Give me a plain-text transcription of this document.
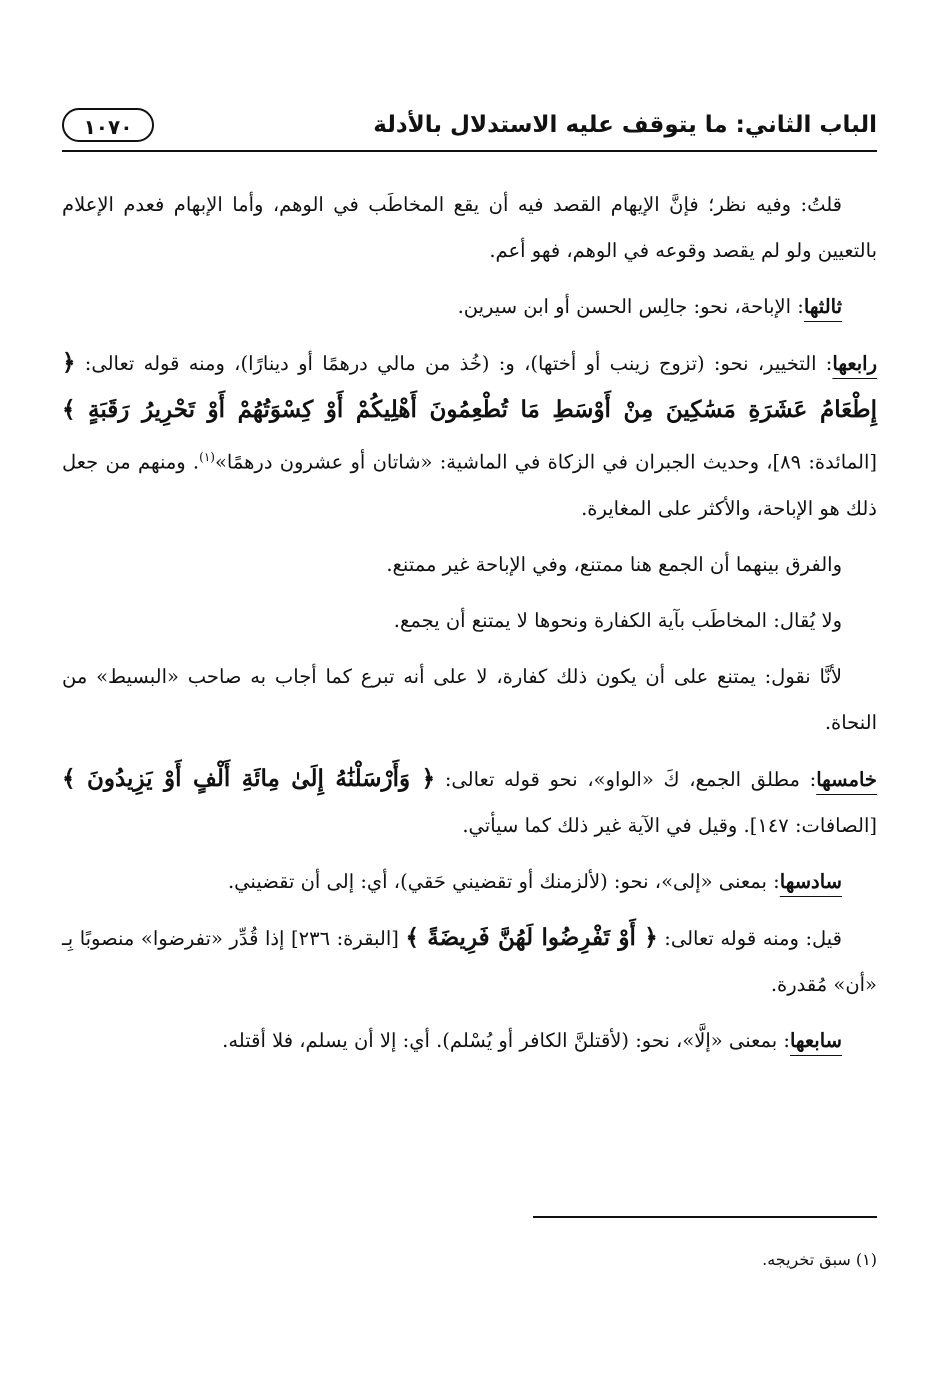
الباب الثاني: ما يتوقف عليه الاستدلال بالأدلة
١٠٧٠

قلتُ: وفيه نظر؛ فإنَّ الإيهام القصد فيه أن يقع المخاطَب في الوهم، وأما الإبهام فعدم الإعلام بالتعيين ولو لم يقصد وقوعه في الوهم، فهو أعم.

ثالثها: الإباحة، نحو: جالِس الحسن أو ابن سيرين.

رابعها: التخيير، نحو: (تزوج زينب أو أختها)، و: (خُذ من مالي درهمًا أو دينارًا)، ومنه قوله تعالى: ﴿ إِطْعَامُ عَشَرَةِ مَسَٰكِينَ مِنْ أَوْسَطِ مَا تُطْعِمُونَ أَهْلِيكُمْ أَوْ كِسْوَتُهُمْ أَوْ تَحْرِيرُ رَقَبَةٍ ﴾ [المائدة: ٨٩]، وحديث الجبران في الزكاة في الماشية: «شاتان أو عشرون درهمًا»$^{(١)}$. ومنهم من جعل ذلك هو الإباحة، والأكثر على المغايرة.

والفرق بينهما أن الجمع هنا ممتنع، وفي الإباحة غير ممتنع.

ولا يُقال: المخاطَب بآية الكفارة ونحوها لا يمتنع أن يجمع.

لأنَّا نقول: يمتنع على أن يكون ذلك كفارة، لا على أنه تبرع كما أجاب به صاحب «البسيط» من النحاة.

خامسها: مطلق الجمع، كَ «الواو»، نحو قوله تعالى: ﴿ وَأَرْسَلْنَٰهُ إِلَىٰ مِائَةِ أَلْفٍ أَوْ يَزِيدُونَ ﴾ [الصافات: ١٤٧]. وقيل في الآية غير ذلك كما سيأتي.

سادسها: بمعنى «إلى»، نحو: (لألزمنك أو تقضيني حَقي)، أي: إلى أن تقضيني.

قيل: ومنه قوله تعالى: ﴿ أَوْ تَفْرِضُوا لَهُنَّ فَرِيضَةً ﴾ [البقرة: ٢٣٦] إذا قُدِّر «تفرضوا» منصوبًا بِـ «أن» مُقدرة.

سابعها: بمعنى «إلَّا»، نحو: (لأقتلنَّ الكافر أو يُسْلم). أي: إلا أن يسلم، فلا أقتله.

(١) سبق تخريجه.
